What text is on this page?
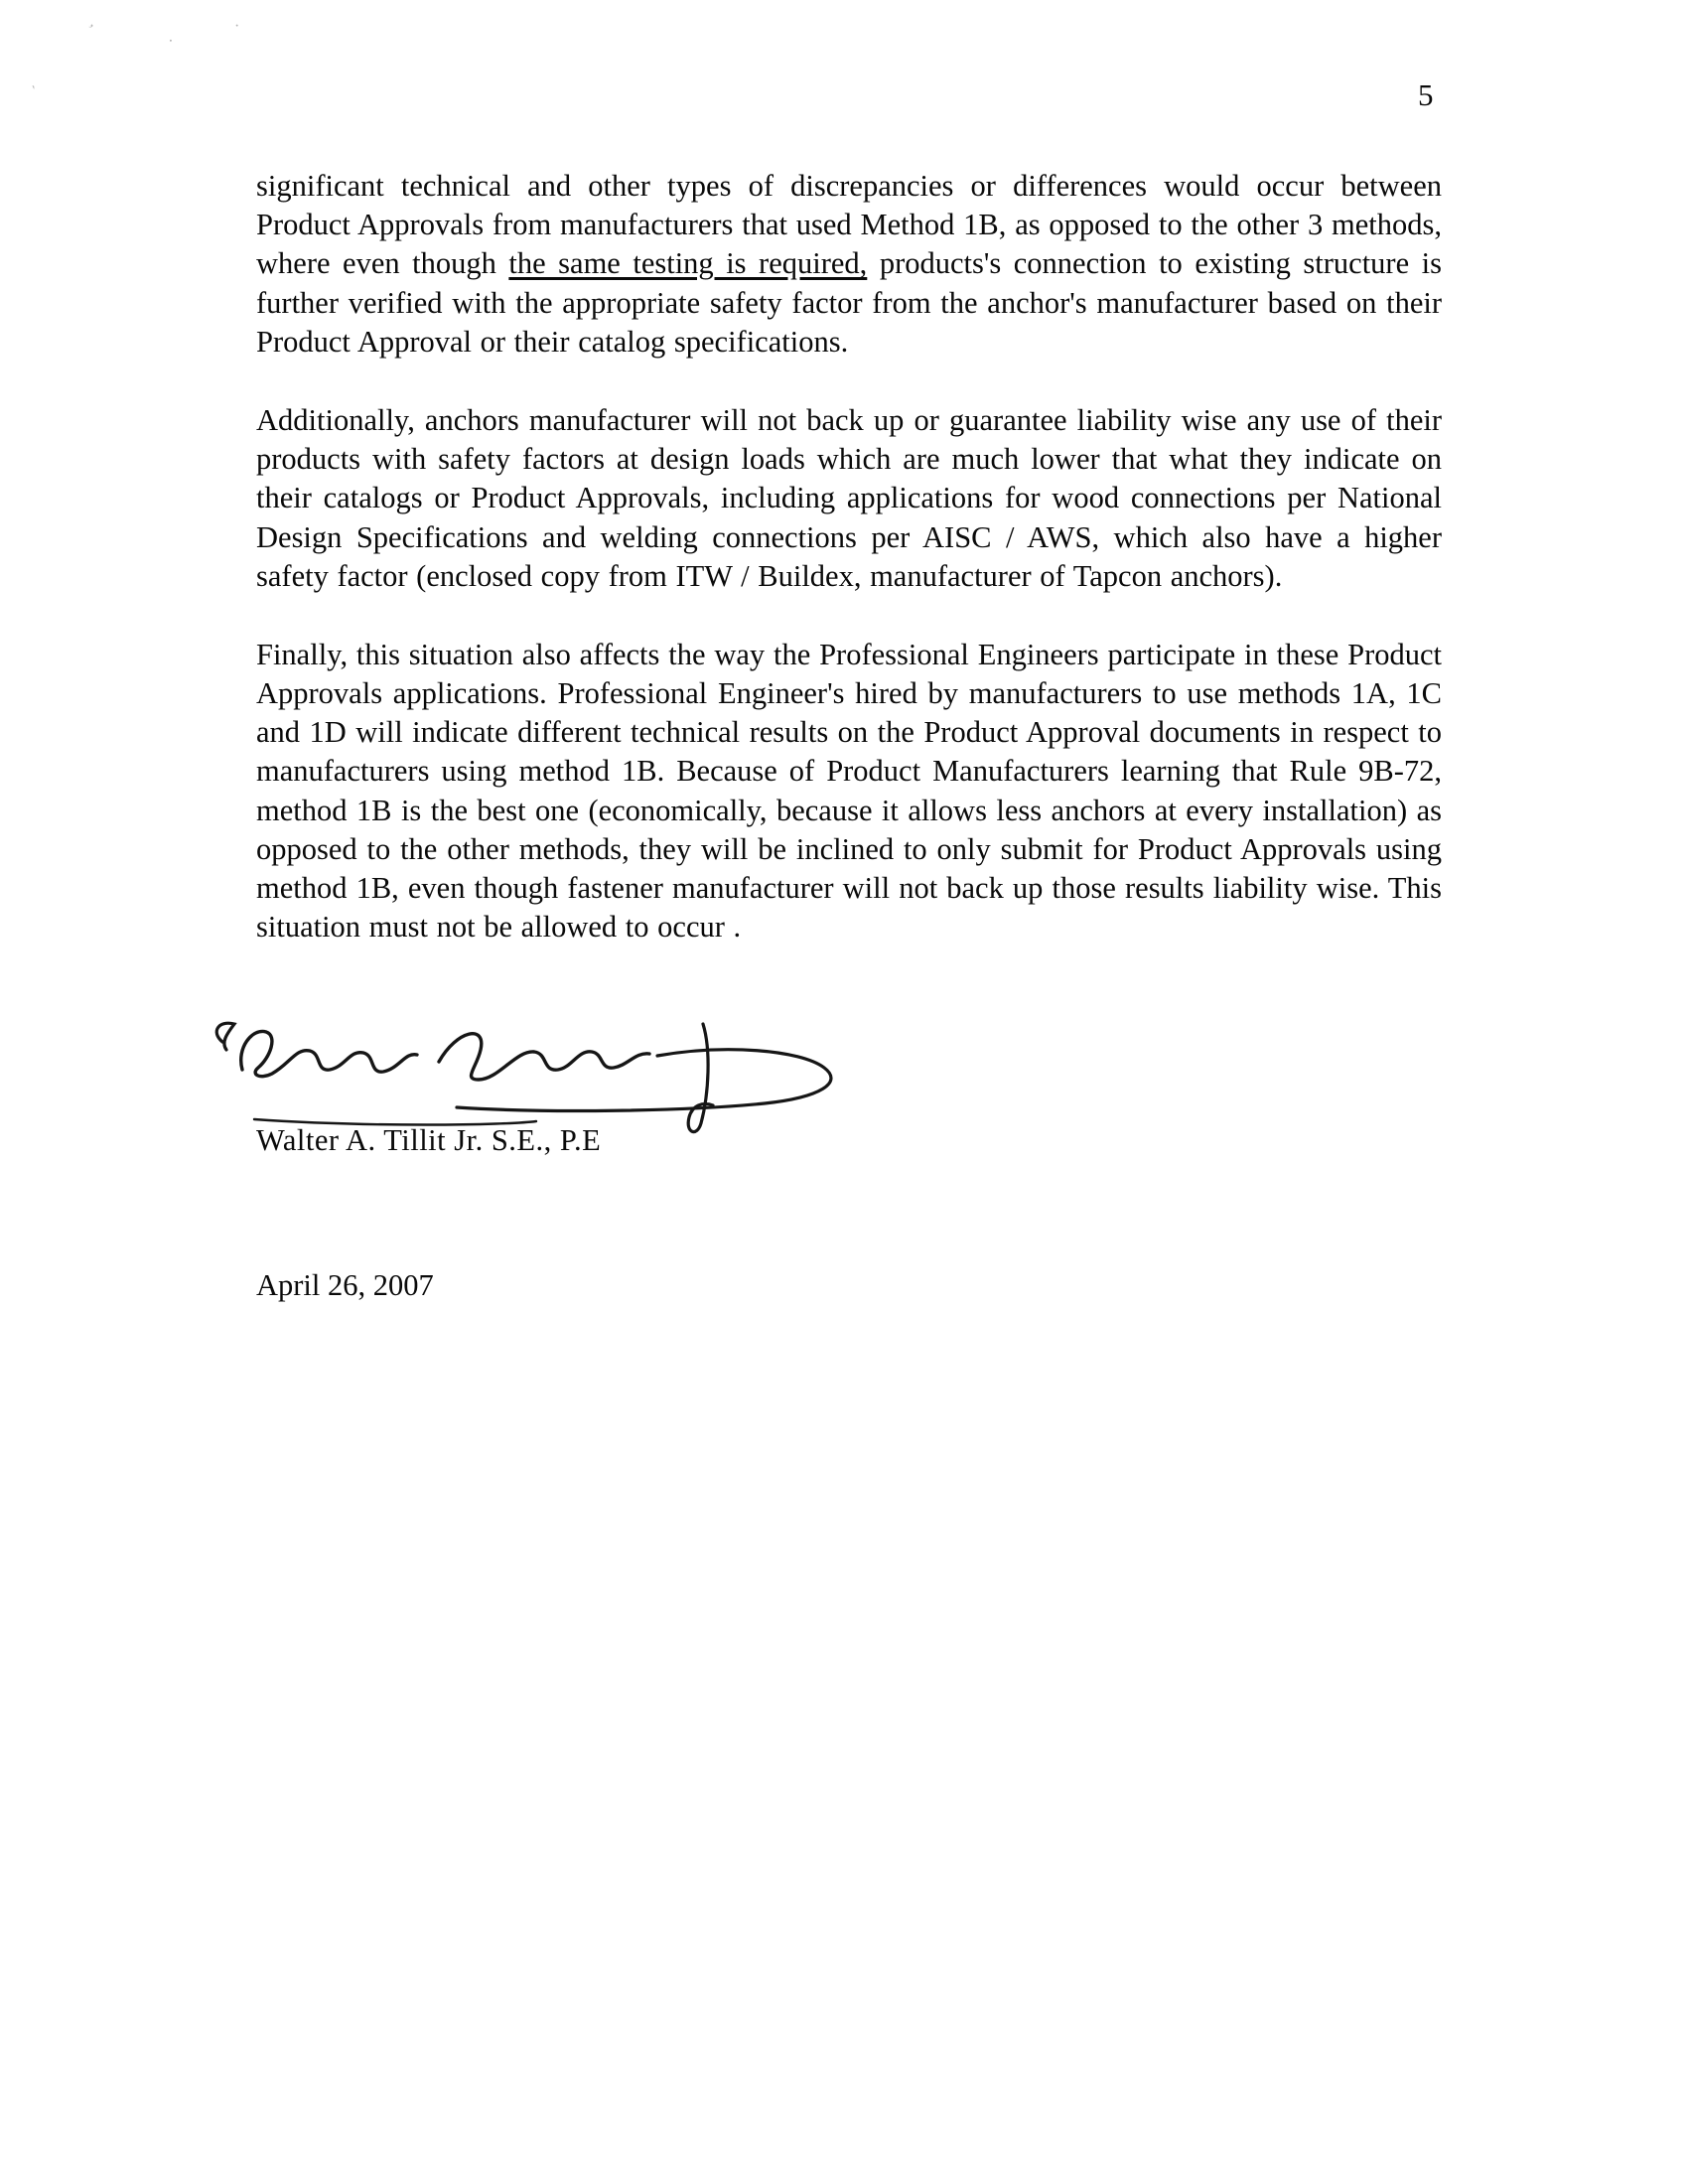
‚
·
·
`	5

significant technical and other types of discrepancies or differences would occur between Product Approvals from manufacturers that used Method 1B, as opposed to the other 3 methods, where even though the same testing is required, products's connection to existing structure is further verified with the appropriate safety factor from the anchor's manufacturer based on their Product Approval or their catalog specifications.

Additionally, anchors manufacturer will not back up or guarantee liability wise any use of their products with safety factors at design loads which are much lower that what they indicate on their catalogs or Product Approvals, including applications for wood connections per National Design Specifications and welding connections per AISC / AWS, which also have a higher safety factor (enclosed copy from ITW / Buildex, manufacturer of Tapcon anchors).

Finally, this situation also affects the way the Professional Engineers participate in these Product Approvals applications. Professional Engineer's hired by manufacturers to use methods 1A, 1C and 1D will indicate different technical results on the Product Approval documents in respect to manufacturers using method 1B. Because of Product Manufacturers learning that Rule 9B-72, method 1B is the best one (economically, because it allows less anchors at every installation) as opposed to the other methods, they will be inclined to only submit for Product Approvals using method 1B, even though fastener manufacturer will not back up those results liability wise. This situation must not be allowed to occur .

Walter A. Tillit Jr. S.E., P.E
April 26, 2007
